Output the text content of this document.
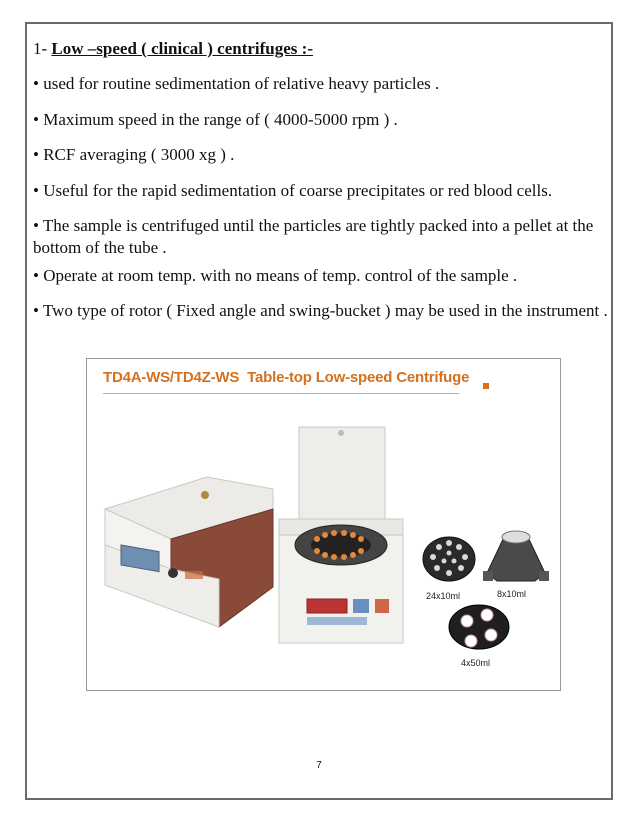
1- Low –speed ( clinical ) centrifuges :-
• used for routine sedimentation of relative heavy particles .
• Maximum speed in the range of ( 4000-5000 rpm ) .
• RCF averaging ( 3000 xg ) .
• Useful for the rapid sedimentation of coarse precipitates or red blood cells.
• The sample is centrifuged until the particles are tightly packed into a pellet at the bottom of the tube .
• Operate at room temp. with no means of temp. control of the sample .
• Two type of rotor ( Fixed angle and swing-bucket ) may be used in the instrument .
TD4A-WS/TD4Z-WS Table-top Low-speed Centrifuge
24x10ml	8x10ml
4x50ml
7
